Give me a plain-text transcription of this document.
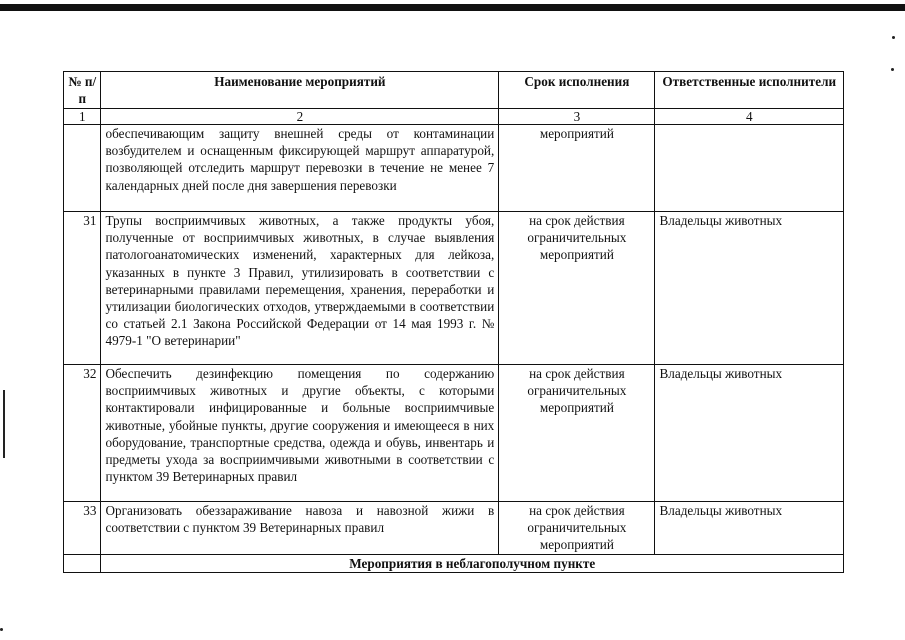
№ п/п	Наименование мероприятий	Срок исполнения	Ответственные исполнители
1	2	3	4
	обеспечивающим защиту внешней среды от контаминации возбудителем и оснащенным фиксирующей маршрут аппаратурой, позволяющей отследить маршрут перевозки в течение не менее 7 календарных дней после дня завершения перевозки	мероприятий	
31	Трупы восприимчивых животных, а также продукты убоя, полученные от восприимчивых животных, в случае выявления патологоанатомических изменений, характерных для лейкоза, указанных в пункте 3 Правил, утилизировать в соответствии с ветеринарными правилами перемещения, хранения, переработки и утилизации биологических отходов, утверждаемыми в соответствии со статьей 2.1 Закона Российской Федерации от 14 мая 1993 г. № 4979-1 "О ветеринарии"	на срок действия ограничительных мероприятий	Владельцы животных
32	Обеспечить дезинфекцию помещения по содержанию восприимчивых животных и другие объекты, с которыми контактировали инфицированные и больные восприимчивые животные, убойные пункты, другие сооружения и имеющееся в них оборудование, транспортные средства, одежда и обувь, инвентарь и предметы ухода за восприимчивыми животными в соответствии с пунктом 39 Ветеринарных правил	на срок действия ограничительных мероприятий	Владельцы животных
33	Организовать обеззараживание навоза и навозной жижи в соответствии с пунктом 39 Ветеринарных правил	на срок действия ограничительных мероприятий	Владельцы животных
	Мероприятия в неблагополучном пункте		
